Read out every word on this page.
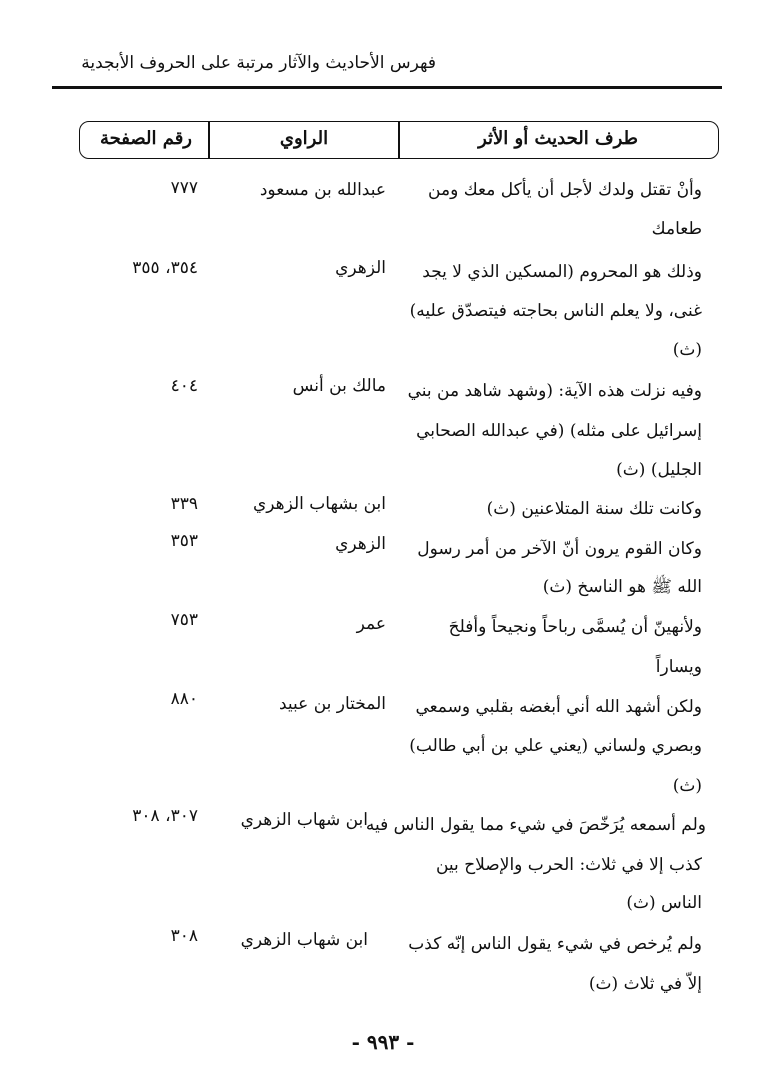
فهرس الأحاديث والآثار مرتبة على الحروف الأبجدية
طرف الحديث أو الأثر
الراوي
رقم الصفحة
وأنْ تقتل ولدك لأجل أن يأكل معك ومن
طعامك
عبدالله بن مسعود
٧٧٧
وذلك هو المحروم (المسكين الذي لا يجد
غنى، ولا يعلم الناس بحاجته فيتصدّق عليه)
(ث)
الزهري
٣٥٤، ٣٥٥
وفيه نزلت هذه الآية: (وشهد شاهد من بني
إسرائيل على مثله) (في عبدالله الصحابي
الجليل) (ث)
مالك بن أنس
٤٠٤
وكانت تلك سنة المتلاعنين (ث)
ابن بشهاب الزهري
٣٣٩
وكان القوم يرون أنّ الآخر من أمر رسول
الله ﷺ هو الناسخ (ث)
الزهري
٣٥٣
ولأنهينّ أن يُسمَّى رباحاً ونجيحاً وأفلحَ
ويساراً
عمر
٧٥٣
ولكن أشهد الله أني أبغضه بقلبي وسمعي
وبصري ولساني (يعني علي بن أبي طالب)
(ث)
المختار بن عبيد
٨٨٠
ولم أسمعه يُرَخّصَ في شيء مما يقول الناس فيه
كذب إلا في ثلاث: الحرب والإصلاح بين
الناس (ث)
ابن شهاب الزهري
٣٠٧، ٣٠٨
ولم يُرخص في شيء يقول الناس إنّه كذب
إلاّ في ثلاث (ث)
ابن شهاب الزهري
٣٠٨
- ٩٩٣ -
